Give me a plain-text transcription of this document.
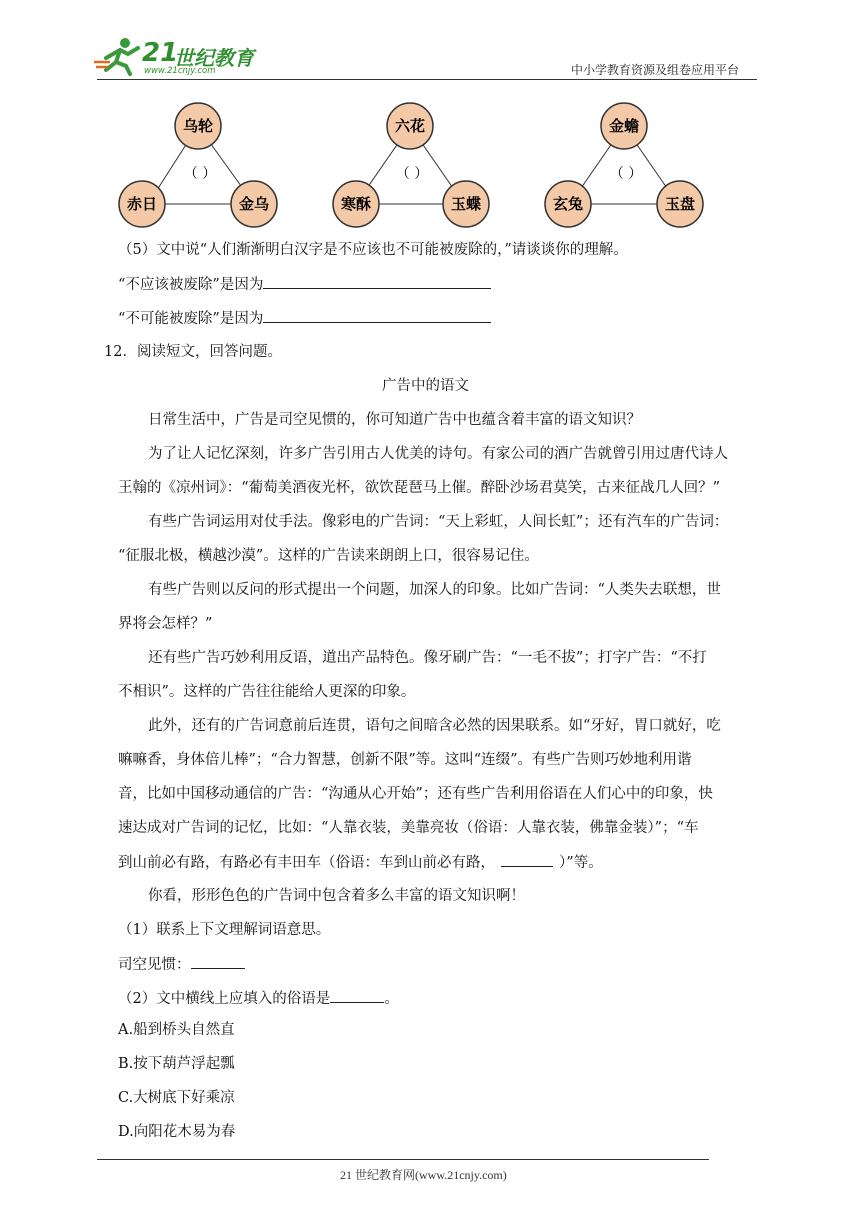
21
世纪教育
www.21cnjy.com	中小学教育资源及组卷应用平台
乌轮
赤日	金乌
（ ）
六花
寒酥	玉蝶
（ ）
金蟾
玄兔	玉盘
（ ）
（5）文中说“人们渐渐明白汉字是不应该也不可能被废除的，”请谈谈你的理解。
“不应该被废除”是因为
“不可能被废除”是因为
12．阅读短文，回答问题。
广告中的语文
日常生活中，广告是司空见惯的，你可知道广告中也蕴含着丰富的语文知识？
为了让人记忆深刻，许多广告引用古人优美的诗句。有家公司的酒广告就曾引用过唐代诗人
王翰的《凉州词》：“葡萄美酒夜光杯，欲饮琵琶马上催。醉卧沙场君莫笑，古来征战几人回？”
有些广告词运用对仗手法。像彩电的广告词：“天上彩虹，人间长虹”；还有汽车的广告词：
“征服北极，横越沙漠”。这样的广告读来朗朗上口，很容易记住。
有些广告则以反问的形式提出一个问题，加深人的印象。比如广告词：“人类失去联想，世
界将会怎样？”
还有些广告巧妙利用反语，道出产品特色。像牙刷广告：“一毛不拔”；打字广告：“不打
不相识”。这样的广告往往能给人更深的印象。
此外，还有的广告词意前后连贯，语句之间暗含必然的因果联系。如“牙好，胃口就好，吃
嘛嘛香，身体倍儿棒”；“合力智慧，创新不限”等。这叫“连缀”。有些广告则巧妙地利用谐
音，比如中国移动通信的广告：“沟通从心开始”；还有些广告利用俗语在人们心中的印象，快
速达成对广告词的记忆，比如：“人靠衣装，美靠亮妆（俗语：人靠衣装，佛靠金装）”；“车
到山前必有路，有路必有丰田车（俗语：车到山前必有路，	）”等。
你看，形形色色的广告词中包含着多么丰富的语文知识啊！
（1）联系上下文理解词语意思。
司空见惯：
（2）文中横线上应填入的俗语是	。
A.船到桥头自然直
B.按下葫芦浮起瓢
C.大树底下好乘凉
D.向阳花木易为春
21 世纪教育网(www.21cnjy.com)
